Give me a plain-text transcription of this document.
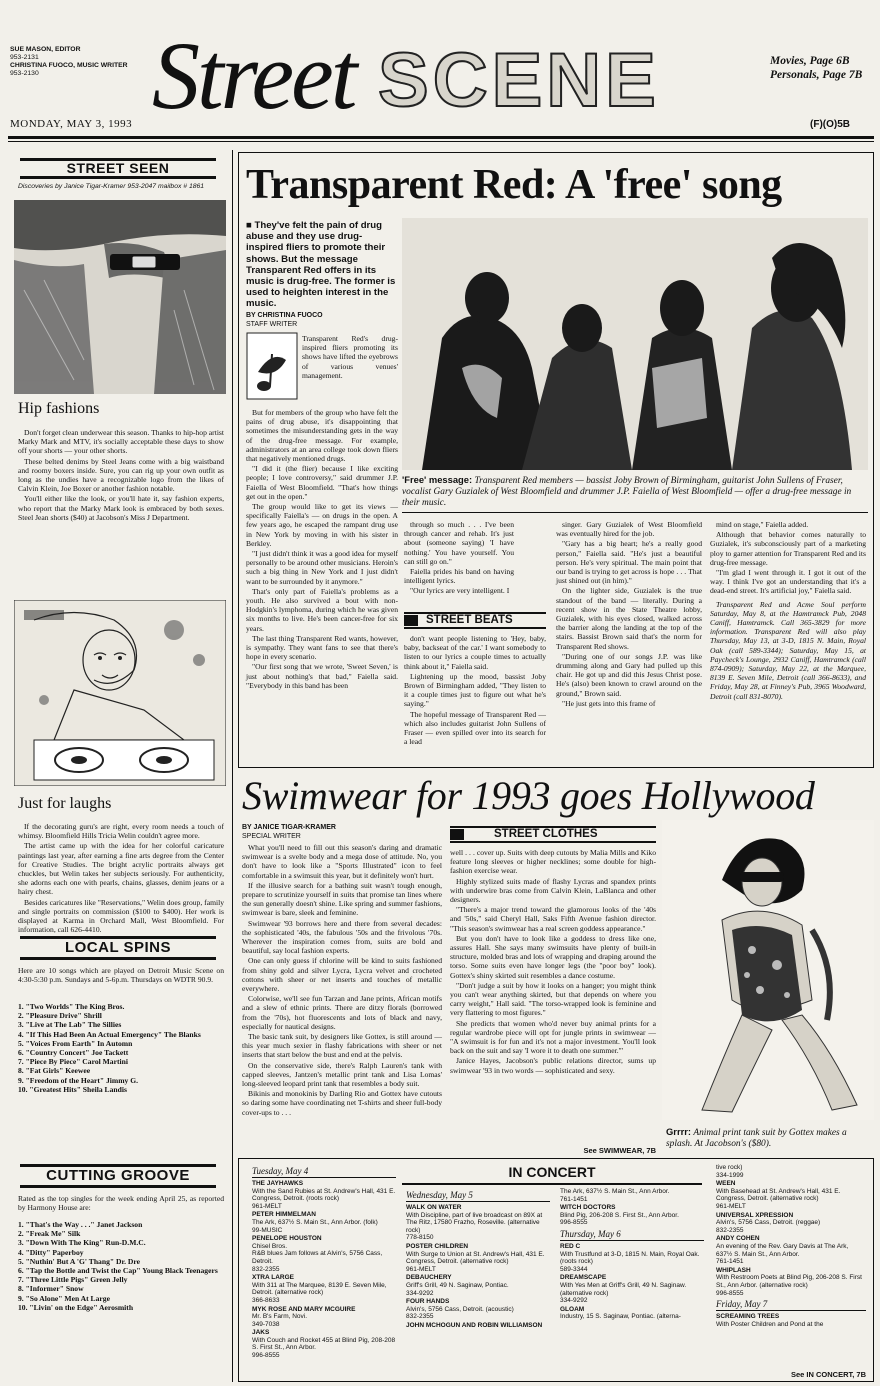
SUE MASON, EDITOR
953-2131
CHRISTINA FUOCO, MUSIC WRITER
953-2130	Street SCENE	Movies, Page 6B
Personals, Page 7B
MONDAY, MAY 3, 1993	(F)(O)5B
STREET SEEN
Discoveries by Janice Tigar-Kramer 953-2047 mailbox # 1861
Hip fashions

Don't forget clean underwear this season. Thanks to hip-hop artist Marky Mark and MTV, it's socially acceptable these days to show off your shorts — your other shorts.

These belted denims by Steel Jeans come with a big waistband and roomy boxers inside. Sure, you can rig up your own outfit as long as the undies have a recognizable logo from the likes of Calvin Klein, Joe Boxer or another fashion notable.

You'll either like the look, or you'll hate it, say fashion experts, who report that the Marky Mark look is embraced by both sexes. Steel Jean shorts ($40) at Jacobson's Miss J Department.

Just for laughs

If the decorating guru's are right, every room needs a touch of whimsy. Bloomfield Hills Tricia Welin couldn't agree more.

The artist came up with the idea for her colorful caricature paintings last year, after earning a fine arts degree from the Center for Creative Studies. The bright acrylic portraits always get chuckles, but Welin takes her subjects seriously. For authenticity, she adorns each one with pearls, chains, glasses, denim jeans or a hairy chest.

Besides caricatures like "Reservations," Welin does group, family and single portraits on commission ($100 to $400). Her work is displayed at Karma in Orchard Mall, West Bloomfield. For information, call 626-4410.

LOCAL SPINS
Here are 10 songs which are played on Detroit Music Scene on 4:30-5:30 p.m. Sundays and 5-6p.m. Thursdays on WDTR 90.9.
1. "Two Worlds" The King Bros.
2. "Pleasure Drive" Shrill
3. "Live at The Lab" The Sillies
4. "If This Had Been An Actual Emergency" The Blanks
5. "Voices From Earth" In Automn
6. "Country Concert" Joe Tackett
7. "Piece By Piece" Carol Martini
8. "Fat Girls" Keewee
9. "Freedom of the Heart" Jimmy G.
10. "Greatest Hits" Sheila Landis
CUTTING GROOVE
Rated as the top singles for the week ending April 25, as reported by Harmony House are:
1. "That's the Way . . ." Janet Jackson
2. "Freak Me" Silk
3. "Down With The King" Run-D.M.C.
4. "Ditty" Paperboy
5. "Nuthin' But A 'G' Thang" Dr. Dre
6. "Tap the Bottle and Twist the Cap" Young Black Teenagers
7. "Three Little Pigs" Green Jelly
8. "Informer" Snow
9. "So Alone" Men At Large
10. "Livin' on the Edge" Aerosmith
Transparent Red: A 'free' song
■ They've felt the pain of drug abuse and they use drug-inspired fliers to promote their shows. But the message Transparent Red offers in its music is drug-free. The former is used to heighten interest in the music.
BY CHRISTINA FUOCO
STAFF WRITER
Transparent Red's drug-inspired fliers promoting its shows have lifted the eyebrows of various venues' management.

But for members of the group who have felt the pains of drug abuse, it's disappointing that sometimes the misunderstanding gets in the way of the drug-free message. For example, administrators at an area college took down fliers that negatively mentioned drugs.

"I did it (the flier) because I like exciting people; I love controversy," said drummer J.P. Faiella of West Bloomfield. "That's how things get out in the open."

The group would like to get its views — specifically Faiella's — on drugs in the open. A few years ago, he escaped the rampant drug use in New York by moving in with his sister in Berkley.

"I just didn't think it was a good idea for myself personally to be around other musicians. Heroin's such a big thing in New York and I just didn't want to be surrounded by it anymore."

That's only part of Faiella's problems as a youth. He also survived a bout with non-Hodgkin's lymphoma, during which he was given six months to live. He's been cancer-free for six years.

The last thing Transparent Red wants, however, is sympathy. They want fans to see that there's hope in every scenario.

"Our first song that we wrote, 'Sweet Seven,' is just about nothing's that bad," Faiella said. "Everybody in this band has been

'Free' message: Transparent Red members — bassist Joby Brown of Birmingham, guitarist John Sullens of Fraser, vocalist Gary Guzialek of West Bloomfield and drummer J.P. Faiella of West Bloomfield — offer a drug-free message in their music.

through so much . . . I've been through cancer and rehab. It's just about (someone saying) 'I have nothing.' You have yourself. You can still go on."

Faiella prides his band on having intelligent lyrics.

"Our lyrics are very intelligent. I

STREET BEATS

don't want people listening to 'Hey, baby, baby, backseat of the car.' I want somebody to listen to our lyrics a couple times to actually think about it," Faiella said.

Lightening up the mood, bassist Joby Brown of Birmingham added, "They listen to it a couple times just to figure out what he's saying."

The hopeful message of Transparent Red — which also includes guitarist John Sullens of Fraser — even spilled over into its search for a lead

singer. Gary Guzialek of West Bloomfield was eventually hired for the job.

"Gary has a big heart; he's a really good person," Faiella said. "He's just a beautiful person. He's very spiritual. The main point that our band is trying to get across is hope . . . That just shined out (in him)."

On the lighter side, Guzialek is the true standout of the band — literally. During a recent show in the State Theatre lobby, Guzialek, with his eyes closed, walked across the barrier along the landing at the top of the stairs. Bassist Brown said that's the norm for Transparent Red shows.

"During one of our songs J.P. was like drumming along and Gary had pulled up this chair. He got up and did this Jesus Christ pose. He's (also) been known to crawl around on the ground," Brown said.

"He just gets into this frame of

mind on stage," Faiella added.

Although that behavior comes naturally to Guzialek, it's subconsciously part of a marketing ploy to garner attention for Transparent Red and its drug-free message.

"I'm glad I went through it. I got it out of the way. I think I've got an understanding that it's a dead-end street. It's artificial joy," Faiella said.

Transparent Red and Acme Soul perform Saturday, May 8, at the Hamtramck Pub, 2048 Caniff, Hamtramck. Call 365-3829 for more information. Transparent Red will also play Thursday, May 13, at 3-D, 1815 N. Main, Royal Oak (call 589-3344); Saturday, May 15, at Paycheck's Lounge, 2932 Caniff, Hamtramck (call 874-0909); Saturday, May 22, at the Marquee, 8139 E. Seven Mile, Detroit (call 366-8633), and Friday, May 28, at Finney's Pub, 3965 Woodward, Detroit (call 831-8070).

Swimwear for 1993 goes Hollywood
BY JANICE TIGAR-KRAMER
SPECIAL WRITER

What you'll need to fill out this season's daring and dramatic swimwear is a svelte body and a mega dose of attitude. No, you don't have to look like a "Sports Illustrated" icon to feel comfortable in a swimsuit this year, but it definitely won't hurt.

If the illusive search for a bathing suit wasn't tough enough, prepare to scrutinize yourself in suits that promise tan lines where the sun generally doesn't shine. Like spring and summer fashions, swimwear is bare, sleek and feminine.

Swimwear '93 borrows here and there from several decades: the sophisticated '40s, the fabulous '50s and the frivolous '70s. Wherever the inspiration comes from, suits are bold and beautiful, say local fashion experts.

One can only guess if chlorine will be kind to suits fashioned from shiny gold and silver Lycra, Lycra velvet and crocheted cottons with sheer or net inserts and touches of metallic everywhere.

Colorwise, we'll see fun Tarzan and Jane prints, African motifs and a slew of ethnic prints. There are ditzy florals (borrowed from the '70s), hot fluorescents and lots of black and navy, especially for nautical designs.

The basic tank suit, by designers like Gottex, is still around — this year much sexier in flashy fabrications with sheer or net inserts that start below the bust and end at the pelvis.

On the conservative side, there's Ralph Lauren's tank with capped sleeves, Jantzen's metallic print tank and Lisa Lomas' long-sleeved leopard print tank that resembles a body suit.

Bikinis and monokinis by Darling Rio and Gottex have cutouts so daring some have coordinating net T-shirts and sheer full-body cover-ups to . . .

STREET CLOTHES

well . . . cover up. Suits with deep cutouts by Malia Mills and Kiko feature long sleeves or higher necklines; some double for high-fashion exercise wear.

Highly stylized suits made of flashy Lycras and spandex prints with underwire bras come from Calvin Klein, LaBlanca and other designers.

"There's a major trend toward the glamorous looks of the '40s and '50s," said Cheryl Hall, Saks Fifth Avenue fashion director. "This season's swimwear has a real screen goddess appearance."

But you don't have to look like a goddess to dress like one, assures Hall. She says many swimsuits have plenty of built-in structure, molded bras and lots of wrapping and draping around the torso. Some suits even have longer legs (the "poor boy" look). Gottex's shiny skirted suit resembles a dance costume.

"Don't judge a suit by how it looks on a hanger; you might think you can't wear anything skirted, but that depends on where you carry weight," Hall said. "The torso-wrapped look is feminine and very flattering to most figures."

She predicts that women who'd never buy animal prints for a regular wardrobe piece will opt for jungle prints in swimwear — "A swimsuit is for fun and it's not a major investment. You'll look back on the suit and say 'I wore it to death one summer.'"

Janice Hayes, Jacobson's public relations director, sums up swimwear '93 in two words — sophisticated and sexy.

See SWIMWEAR, 7B
Grrrr: Animal print tank suit by Gottex makes a splash. At Jacobson's ($80).
IN CONCERT
Tuesday, May 4
THE JAYHAWKS
With the Sand Rubies at St. Andrew's Hall, 431 E. Congress, Detroit. (roots rock)
961-MELT
PETER HIMMELMAN
The Ark, 637½ S. Main St., Ann Arbor. (folk)
99-MUSIC
PENELOPE HOUSTON
Chisel Bros.
R&B blues Jam follows at Alvin's, 5756 Cass, Detroit.
832-2355
XTRA LARGE
With 311 at The Marquee, 8139 E. Seven Mile, Detroit. (alternative rock)
366-8633
MYK ROSE AND MARY MCGUIRE
Mr. B's Farm, Novi.
349-7038
JAKS
With Couch and Rocket 455 at Blind Pig, 208-208 S. First St., Ann Arbor.
996-8555
Wednesday, May 5
WALK ON WATER
With Discipline, part of live broadcast on 89X at The Ritz, 17580 Frazho, Roseville. (alternative rock)
778-8150
POSTER CHILDREN
With Surge to Union at St. Andrew's Hall, 431 E. Congress, Detroit. (alternative rock)
961-MELT
DEBAUCHERY
Griff's Grill, 49 N. Saginaw, Pontiac.
334-9292
FOUR HANDS
Alvin's, 5756 Cass, Detroit. (acoustic)
832-2355
JOHN MCHOGUN AND ROBIN WILLIAMSON
The Ark, 637½ S. Main St., Ann Arbor.
761-1451
WITCH DOCTORS
Blind Pig, 206-208 S. First St., Ann Arbor.
996-8555
Thursday, May 6
RED C
With Trustfund at 3-D, 1815 N. Main, Royal Oak. (roots rock)
589-3344
DREAMSCAPE
With Yes Men at Griff's Grill, 49 N. Saginaw. (alternative rock)
334-9292
GLOAM
Industry, 15 S. Saginaw, Pontiac. (alterna-
tive rock)
334-1999
WEEN
With Basehead at St. Andrew's Hall, 431 E. Congress, Detroit. (alternative rock)
961-MELT
UNIVERSAL XPRESSION
Alvin's, 5756 Cass, Detroit. (reggae)
832-2355
ANDY COHEN
An evening of the Rev. Gary Davis at The Ark, 637½ S. Main St., Ann Arbor.
761-1451
WHIPLASH
With Restroom Poets at Blind Pig, 206-208 S. First St., Ann Arbor. (alternative rock)
996-8555
Friday, May 7
SCREAMING TREES
With Poster Children and Pond at the
See IN CONCERT, 7B
